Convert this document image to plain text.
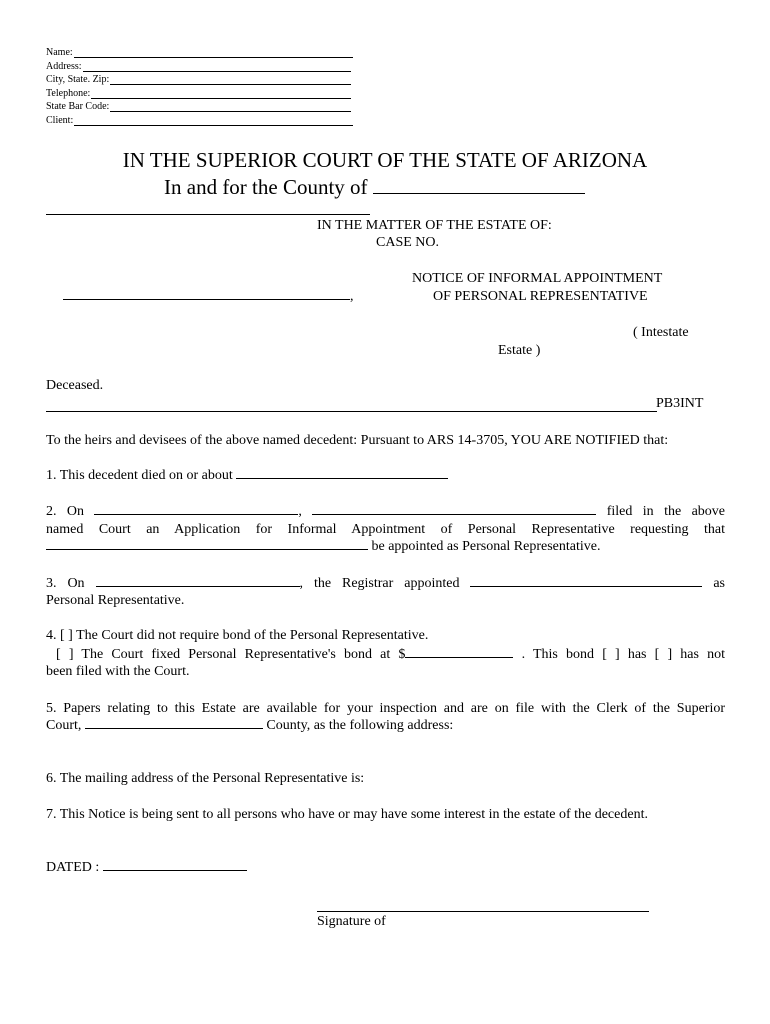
Name:
Address:
City, State. Zip:
Telephone:
State Bar Code:
Client:
IN THE SUPERIOR COURT OF THE STATE OF ARIZONA
In and for the County of
IN THE MATTER OF THE ESTATE OF:
CASE NO.
NOTICE OF INFORMAL APPOINTMENT
OF PERSONAL REPRESENTATIVE
,
( Intestate
Estate )
Deceased.
PB3INT
To the heirs and devisees of the above named decedent: Pursuant to ARS 14-3705, YOU ARE NOTIFIED that:
1. This decedent died on or about
2. On	,	filed in the above
named Court an Application for Informal Appointment of Personal Representative requesting that
be appointed as Personal Representative.
3. On	, the Registrar appointed	as
Personal Representative.
4. [ ] The Court did not require bond of the Personal Representative.
[ ] The Court fixed Personal Representative's bond at $	. This bond [ ] has [ ] has not
been filed with the Court.
5. Papers relating to this Estate are available for your inspection and are on file with the Clerk of the Superior
Court,	County, as the following address:
6. The mailing address of the Personal Representative is:
7. This Notice is being sent to all persons who have or may have some interest in the estate of the decedent.
DATED :
Signature of
